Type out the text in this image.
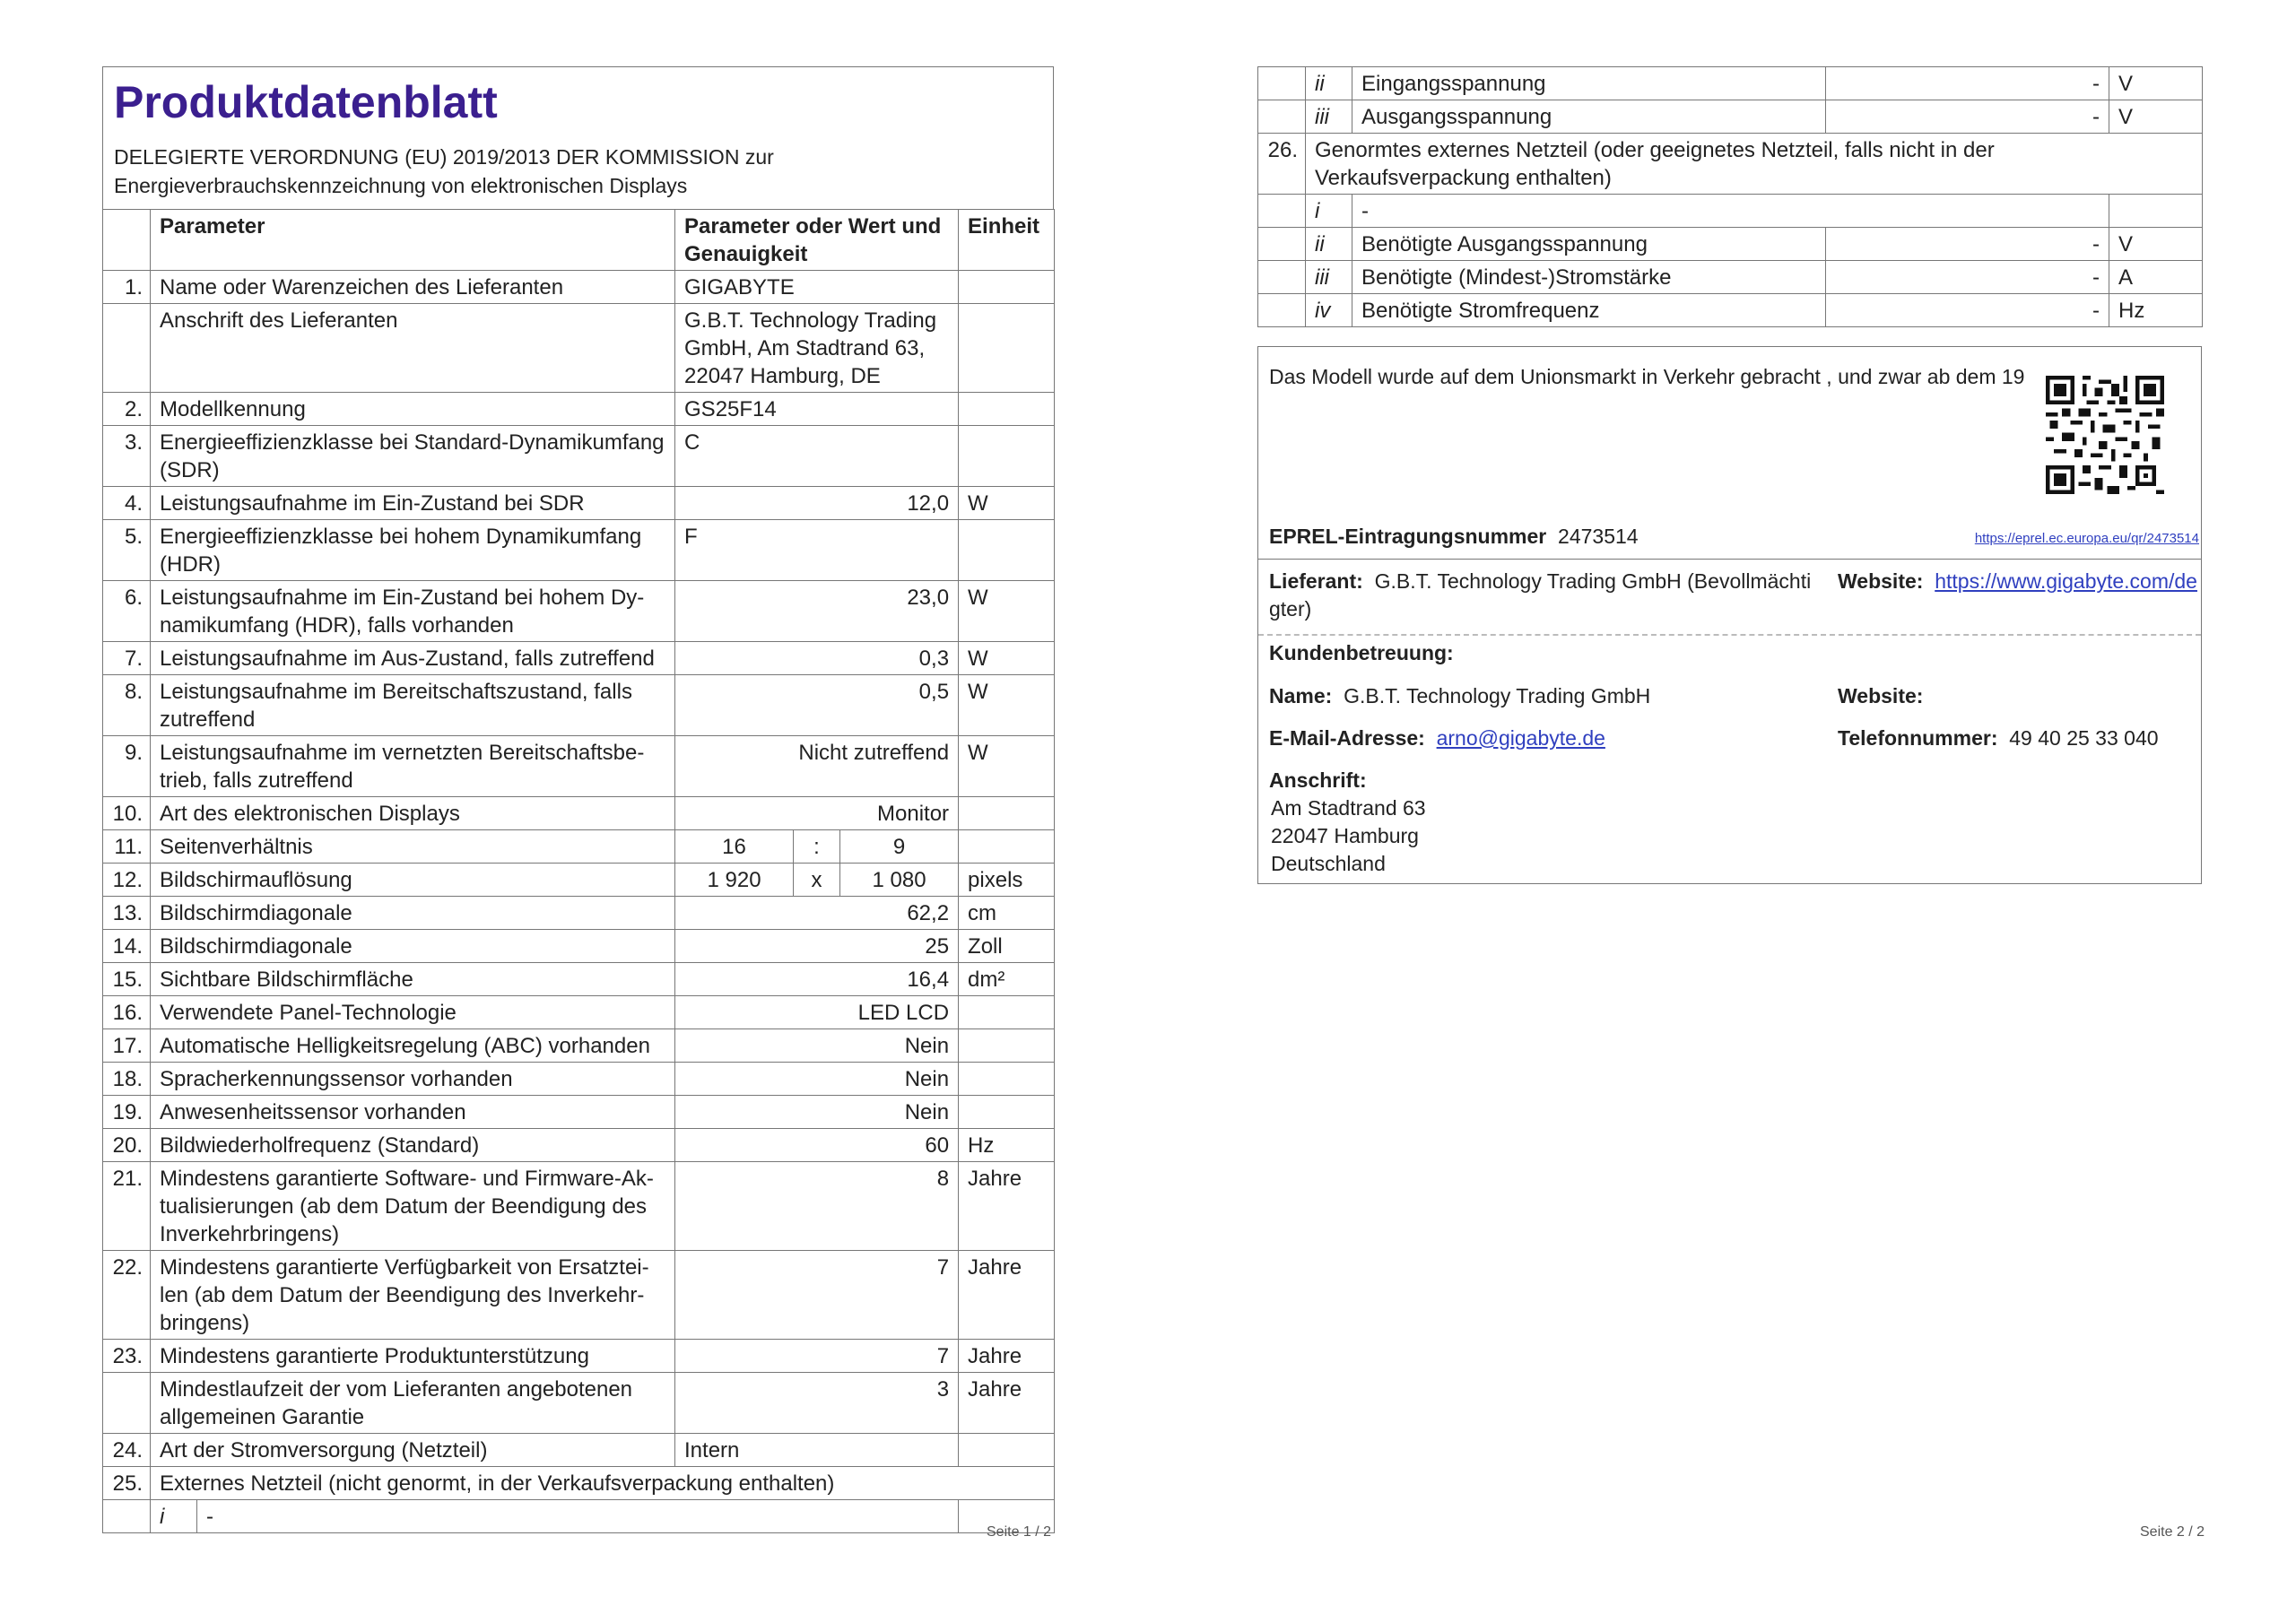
Produktdatenblatt
DELEGIERTE VERORDNUNG (EU) 2019/2013 DER KOMMISSION zur Energieverbrauchskennzeichnung von elektronischen Displays
	Parameter		Parameter oder Wert und Genauigkeit			Einheit
1.	Name oder Warenzeichen des Lieferanten		GIGABYTE			
	Anschrift des Lieferanten		G.B.T. Technology Trading GmbH, Am Stadtrand 63, 22047 Hamburg, DE			
2.	Modellkennung		GS25F14			
3.	Energieeffizienzklasse bei Standard-Dynamikumfang (SDR)		C			
4.	Leistungsaufnahme im Ein-Zustand bei SDR		12,0			W
5.	Energieeffizienzklasse bei hohem Dynamikumfang (HDR)		F			
6.	Leistungsaufnahme im Ein-Zustand bei hohem Dynamikumfang (HDR), falls vorhanden		23,0			W
7.	Leistungsaufnahme im Aus-Zustand, falls zutreffend		0,3			W
8.	Leistungsaufnahme im Bereitschaftszustand, falls zutreffend		0,5			W
9.	Leistungsaufnahme im vernetzten Bereitschaftsbetrieb, falls zutreffend		Nicht zutreffend			W
10.	Art des elektronischen Displays		Monitor			
11.	Seitenverhältnis		16	:	9	
12.	Bildschirmauflösung		1 920	x	1 080	pixels
13.	Bildschirmdiagonale		62,2			cm
14.	Bildschirmdiagonale		25			Zoll
15.	Sichtbare Bildschirmfläche		16,4			dm²
16.	Verwendete Panel-Technologie		LED LCD			
17.	Automatische Helligkeitsregelung (ABC) vorhanden		Nein			
18.	Spracherkennungssensor vorhanden		Nein			
19.	Anwesenheitssensor vorhanden		Nein			
20.	Bildwiederholfrequenz (Standard)		60			Hz
21.	Mindestens garantierte Software- und Firmware-Aktualisierungen (ab dem Datum der Beendigung des Inverkehrbringens)		8			Jahre
22.	Mindestens garantierte Verfügbarkeit von Ersatzteilen (ab dem Datum der Beendigung des Inverkehrbringens)		7			Jahre
23.	Mindestens garantierte Produktunterstützung		7			Jahre
	Mindestlaufzeit der vom Lieferanten angebotenen allgemeinen Garantie		3			Jahre
24.	Art der Stromversorgung (Netzteil)		Intern			
25.	Externes Netzteil (nicht genormt, in der Verkaufsverpackung enthalten)					
	i	-				
Seite 1 / 2
	ii	Eingangsspannung	-	V
	iii	Ausgangsspannung	-	V
26.	Genormtes externes Netzteil (oder geeignetes Netzteil, falls nicht in der Verkaufsverpackung enthalten)			
	i	-		
	ii	Benötigte Ausgangsspannung	-	V
	iii	Benötigte (Mindest-)Stromstärke	-	A
	iv	Benötigte Stromfrequenz	-	Hz
Das Modell wurde auf dem Unionsmarkt in Verkehr gebracht , und zwar ab dem 19
EPREL-Eintragungsnummer 2473514	https://eprel.ec.europa.eu/qr/2473514
Lieferant: G.B.T. Technology Trading GmbH (Bevollmächti gter)
Website: https://www.gigabyte.com/de
Kundenbetreuung:
Name: G.B.T. Technology Trading GmbH	Website:
E-Mail-Adresse: arno@gigabyte.de	Telefonnummer: 49 40 25 33 040
Anschrift:
Am Stadtrand 63
22047 Hamburg
Deutschland
Seite 2 / 2
